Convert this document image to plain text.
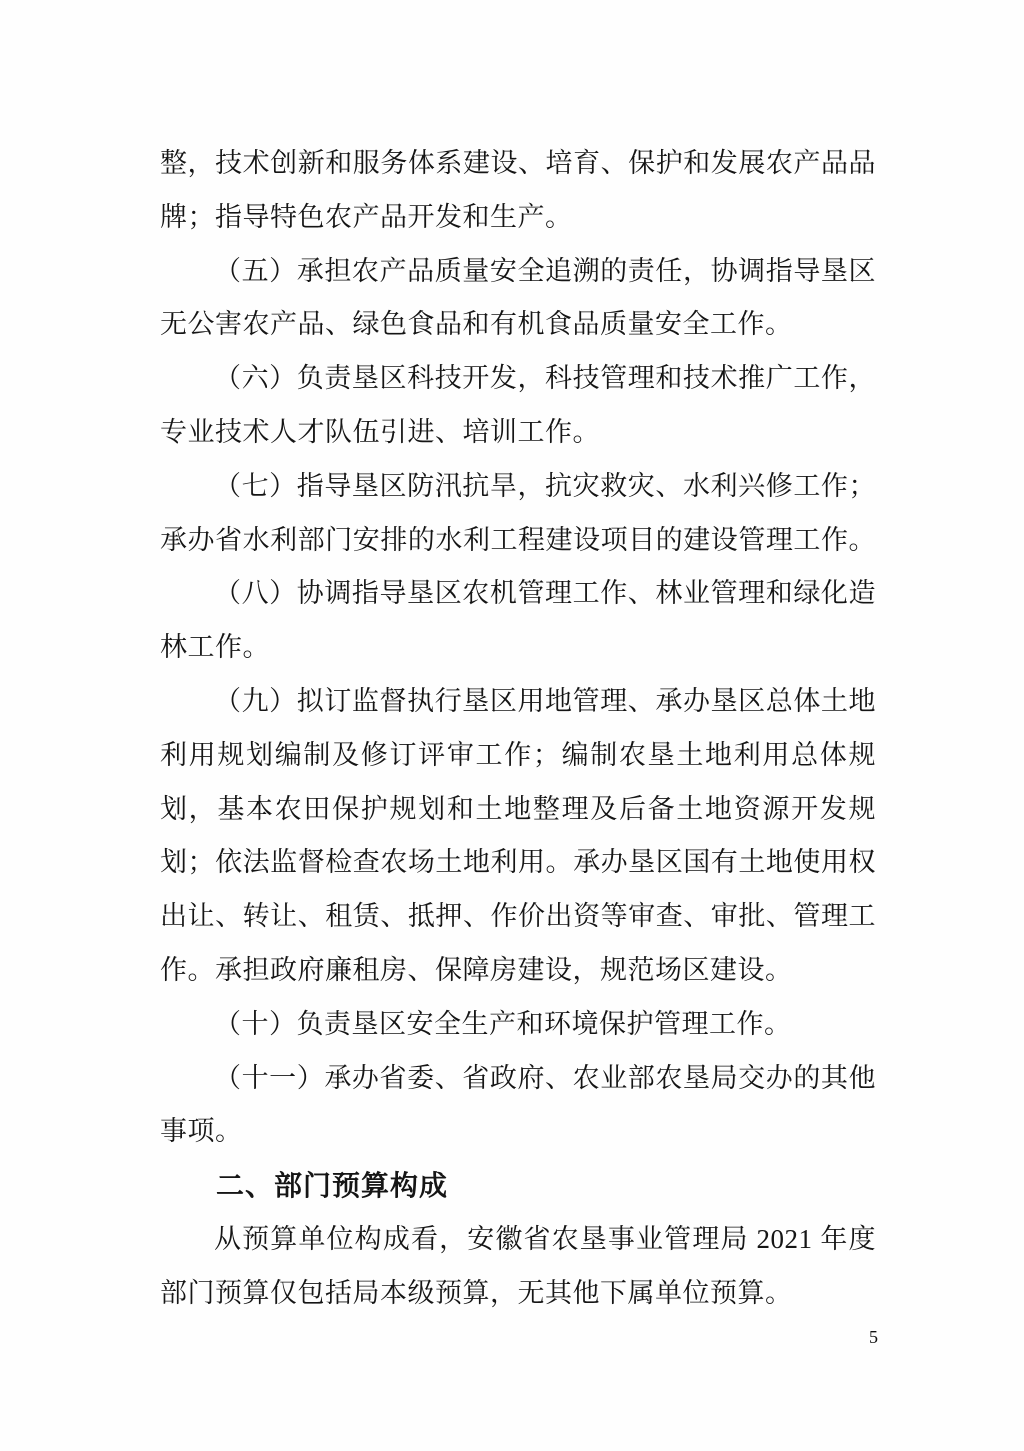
整，技术创新和服务体系建设、培育、保护和发展农产品品
牌；指导特色农产品开发和生产。
（五）承担农产品质量安全追溯的责任，协调指导垦区
无公害农产品、绿色食品和有机食品质量安全工作。
（六）负责垦区科技开发，科技管理和技术推广工作，
专业技术人才队伍引进、培训工作。
（七）指导垦区防汛抗旱，抗灾救灾、水利兴修工作；
承办省水利部门安排的水利工程建设项目的建设管理工作。
（八）协调指导垦区农机管理工作、林业管理和绿化造
林工作。
（九）拟订监督执行垦区用地管理、承办垦区总体土地
利用规划编制及修订评审工作；编制农垦土地利用总体规
划，基本农田保护规划和土地整理及后备土地资源开发规
划；依法监督检查农场土地利用。承办垦区国有土地使用权
出让、转让、租赁、抵押、作价出资等审查、审批、管理工
作。承担政府廉租房、保障房建设，规范场区建设。
（十）负责垦区安全生产和环境保护管理工作。
（十一）承办省委、省政府、农业部农垦局交办的其他
事项。
二、部门预算构成
从预算单位构成看，安徽省农垦事业管理局 2021 年度
部门预算仅包括局本级预算，无其他下属单位预算。
5
